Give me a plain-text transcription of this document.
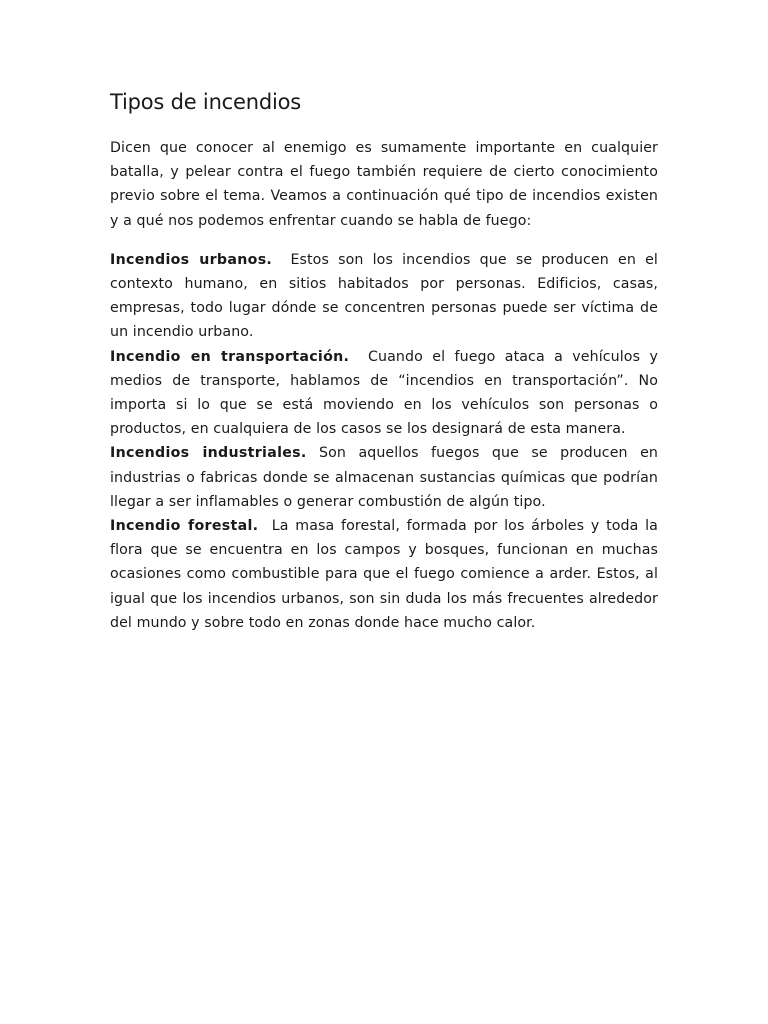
Tipos de incendios

Dicen que conocer al enemigo es sumamente importante en cualquier batalla, y pelear contra el fuego también requiere de cierto conocimiento previo sobre el tema. Veamos a continuación qué tipo de incendios existen y a qué nos podemos enfrentar cuando se habla de fuego:

Incendios urbanos. Estos son los incendios que se producen en el contexto humano, en sitios habitados por personas. Edificios, casas, empresas, todo lugar dónde se concentren personas puede ser víctima de un incendio urbano.

Incendio en transportación. Cuando el fuego ataca a vehículos y medios de transporte, hablamos de “incendios en transportación”. No importa si lo que se está moviendo en los vehículos son personas o productos, en cualquiera de los casos se los designará de esta manera.

Incendios industriales. Son aquellos fuegos que se producen en industrias o fabricas donde se almacenan sustancias químicas que podrían llegar a ser inflamables o generar combustión de algún tipo.

Incendio forestal. La masa forestal, formada por los árboles y toda la flora que se encuentra en los campos y bosques, funcionan en muchas ocasiones como combustible para que el fuego comience a arder. Estos, al igual que los incendios urbanos, son sin duda los más frecuentes alrededor del mundo y sobre todo en zonas donde hace mucho calor.
